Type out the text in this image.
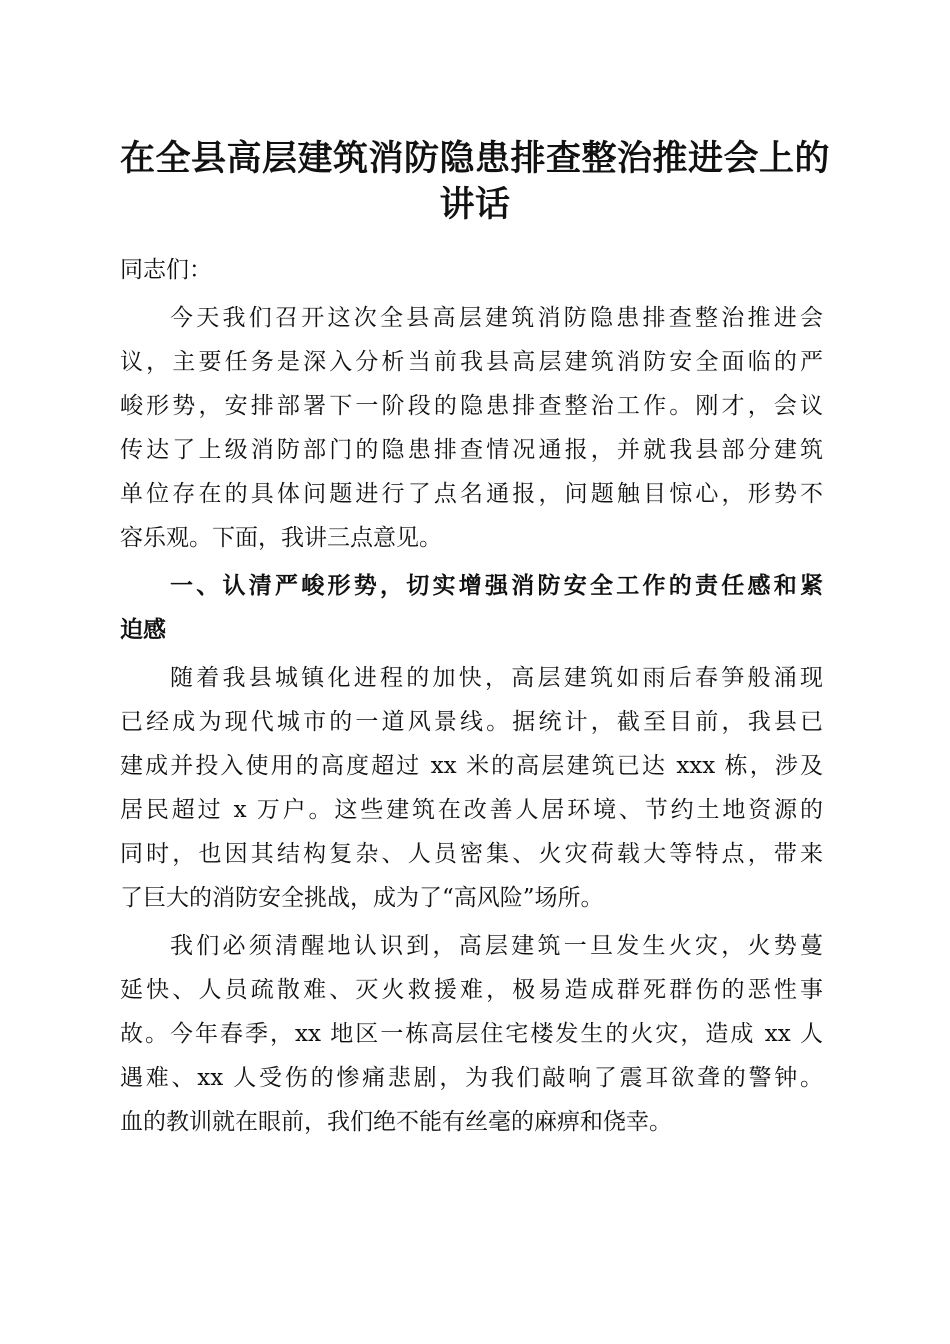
在全县高层建筑消防隐患排查整治推进会上的
讲话
同志们：
今天我们召开这次全县高层建筑消防隐患排查整治推进会
议，主要任务是深入分析当前我县高层建筑消防安全面临的严
峻形势，安排部署下一阶段的隐患排查整治工作。刚才，会议
传达了上级消防部门的隐患排查情况通报，并就我县部分建筑
单位存在的具体问题进行了点名通报，问题触目惊心，形势不
容乐观。下面，我讲三点意见。
一、认清严峻形势，切实增强消防安全工作的责任感和紧
迫感
随着我县城镇化进程的加快，高层建筑如雨后春笋般涌现
已经成为现代城市的一道风景线。据统计，截至目前，我县已
建成并投入使用的高度超过 xx 米的高层建筑已达 xxx 栋，涉及
居民超过 x 万户。这些建筑在改善人居环境、节约土地资源的
同时，也因其结构复杂、人员密集、火灾荷载大等特点，带来
了巨大的消防安全挑战，成为了“高风险”场所。
我们必须清醒地认识到，高层建筑一旦发生火灾，火势蔓
延快、人员疏散难、灭火救援难，极易造成群死群伤的恶性事
故。今年春季，xx 地区一栋高层住宅楼发生的火灾，造成 xx 人
遇难、xx 人受伤的惨痛悲剧，为我们敲响了震耳欲聋的警钟。
血的教训就在眼前，我们绝不能有丝毫的麻痹和侥幸。
